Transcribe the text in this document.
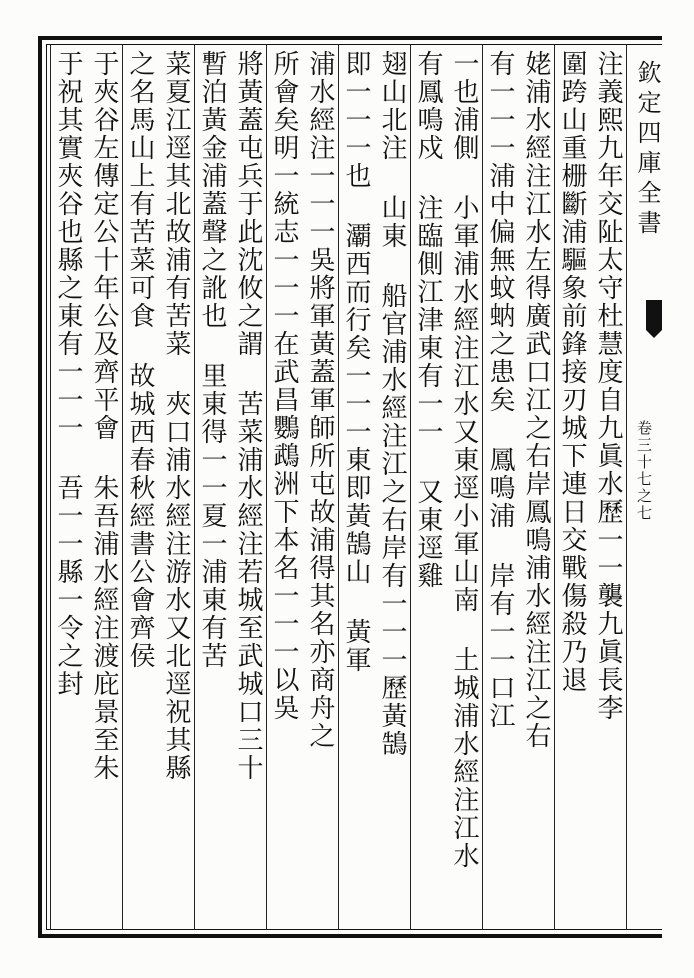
欽定四庫全書
卷三十七之七
注義熙九年交阯太守杜慧度自九眞水歷一一襲九眞長李
圍跨山重栅斷浦驅象前鋒接刃城下連日交戰傷殺乃退
姥浦水經注江水左得廣武口江之右岸鳳鳴浦水經注江之右
有一一一浦中偏無蚊蚋之患矣 鳳鳴浦 岸有一一口江
一也浦側 小軍浦水經注江水又東逕小軍山南 土城浦水經注江水
有鳳鳴戍 注臨側江津東有一一 又東逕雞
翅山北注 山東 船官浦水經注江之右岸有一一一歷黃鵠
即一一一也 㶚西而行矣一一一東即黃鵠山 黃軍
浦水經注一一一吳將軍黃蓋軍師所屯故浦得其名亦商舟之
所會矣明一統志一一一在武昌鸚鵡洲下本名一一一以吳
將黃蓋屯兵于此沈攸之謂 苦菜浦水經注若城至武城口三十
暫泊黃金浦蓋聲之訛也 里東得一一夏一浦東有苦
菜夏江逕其北故浦有苦菜 夾口浦水經注游水又北逕祝其縣
之名馬山上有苦菜可食 故城西春秋經書公會齊侯
于夾谷左傳定公十年公及齊平會 朱吾浦水經注渡庇景至朱
于祝其實夾谷也縣之東有一一一 吾一一縣一令之封
